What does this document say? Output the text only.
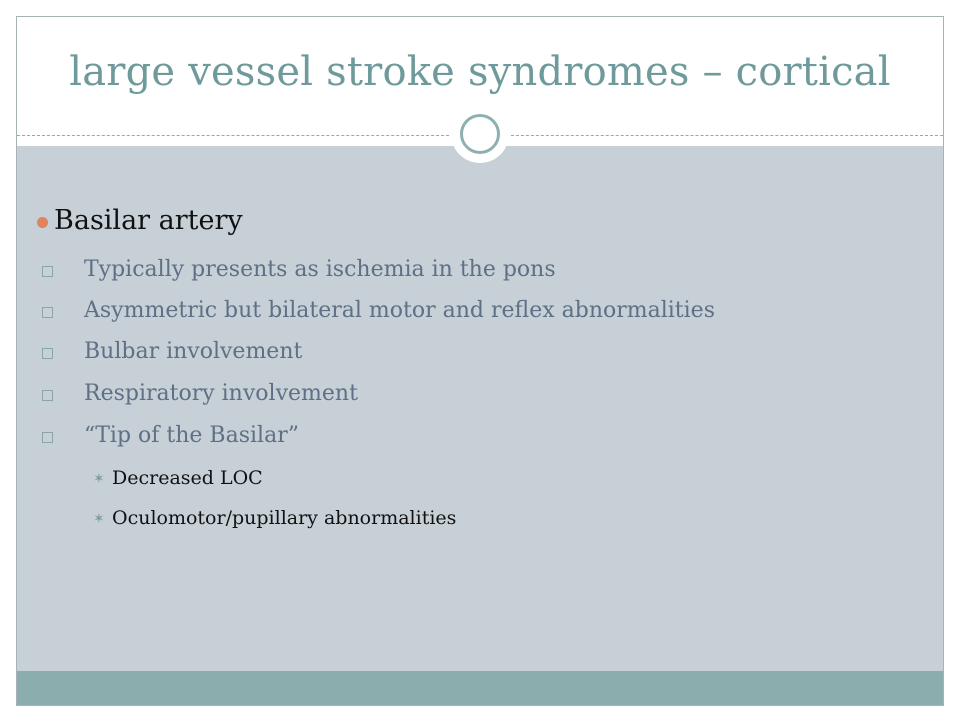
large vessel stroke syndromes – cortical
Basilar artery
Typically presents as ischemia in the pons
Asymmetric but bilateral motor and reflex abnormalities
Bulbar involvement
Respiratory involvement
“Tip of the Basilar”
✶ Decreased LOC
✶ Oculomotor/pupillary abnormalities
